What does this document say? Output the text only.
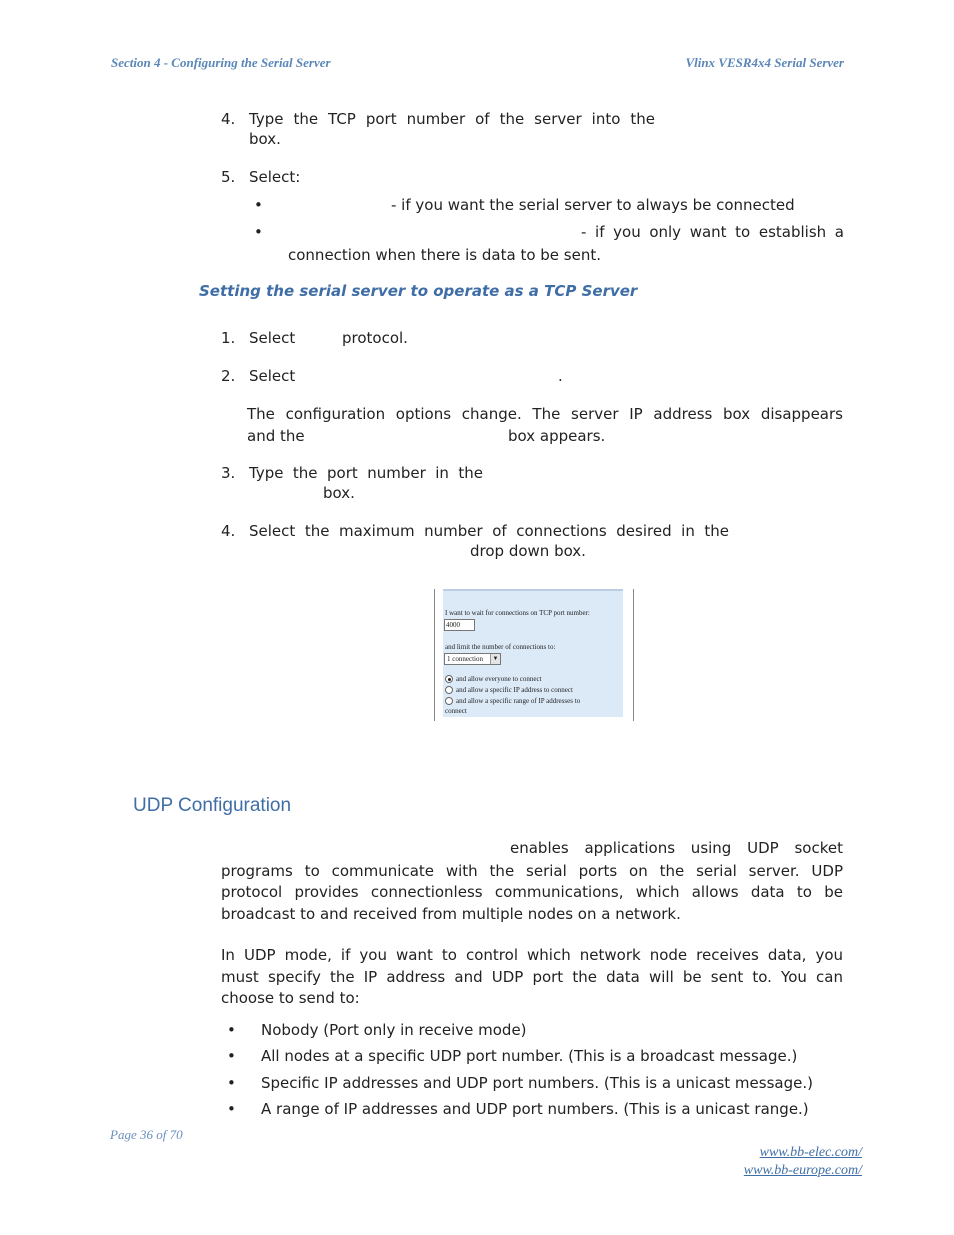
Section 4 - Configuring the Serial Server	Vlinx VESR4x4 Serial Server
4. Type the TCP port number of the server into the
box.
5. Select:
•	- if you want the serial server to always be connected
•	- if you only want to establish a
connection when there is data to be sent.
Setting the serial server to operate as a TCP Server
1. Select	protocol.
2. Select	.
The configuration options change. The server IP address box disappears
and the	box appears.
3. Type the port number in the
box.
4. Select the maximum number of connections desired in the
drop down box.
I want to wait for connections on TCP port number:
4000
and limit the number of connections to:
1 connection	▼
and allow everyone to connect
and allow a specific IP address to connect
and allow a specific range of IP addresses to
connect
UDP Configuration
enables applications using UDP socket
programs to communicate with the serial ports on the serial server. UDP
protocol provides connectionless communications, which allows data to be
broadcast to and received from multiple nodes on a network.
In UDP mode, if you want to control which network node receives data, you
must specify the IP address and UDP port the data will be sent to. You can
choose to send to:
• Nobody (Port only in receive mode)
• All nodes at a specific UDP port number. (This is a broadcast message.)
• Specific IP addresses and UDP port numbers. (This is a unicast message.)
• A range of IP addresses and UDP port numbers. (This is a unicast range.)
Page 36 of 70
www.bb-elec.com/
www.bb-europe.com/
